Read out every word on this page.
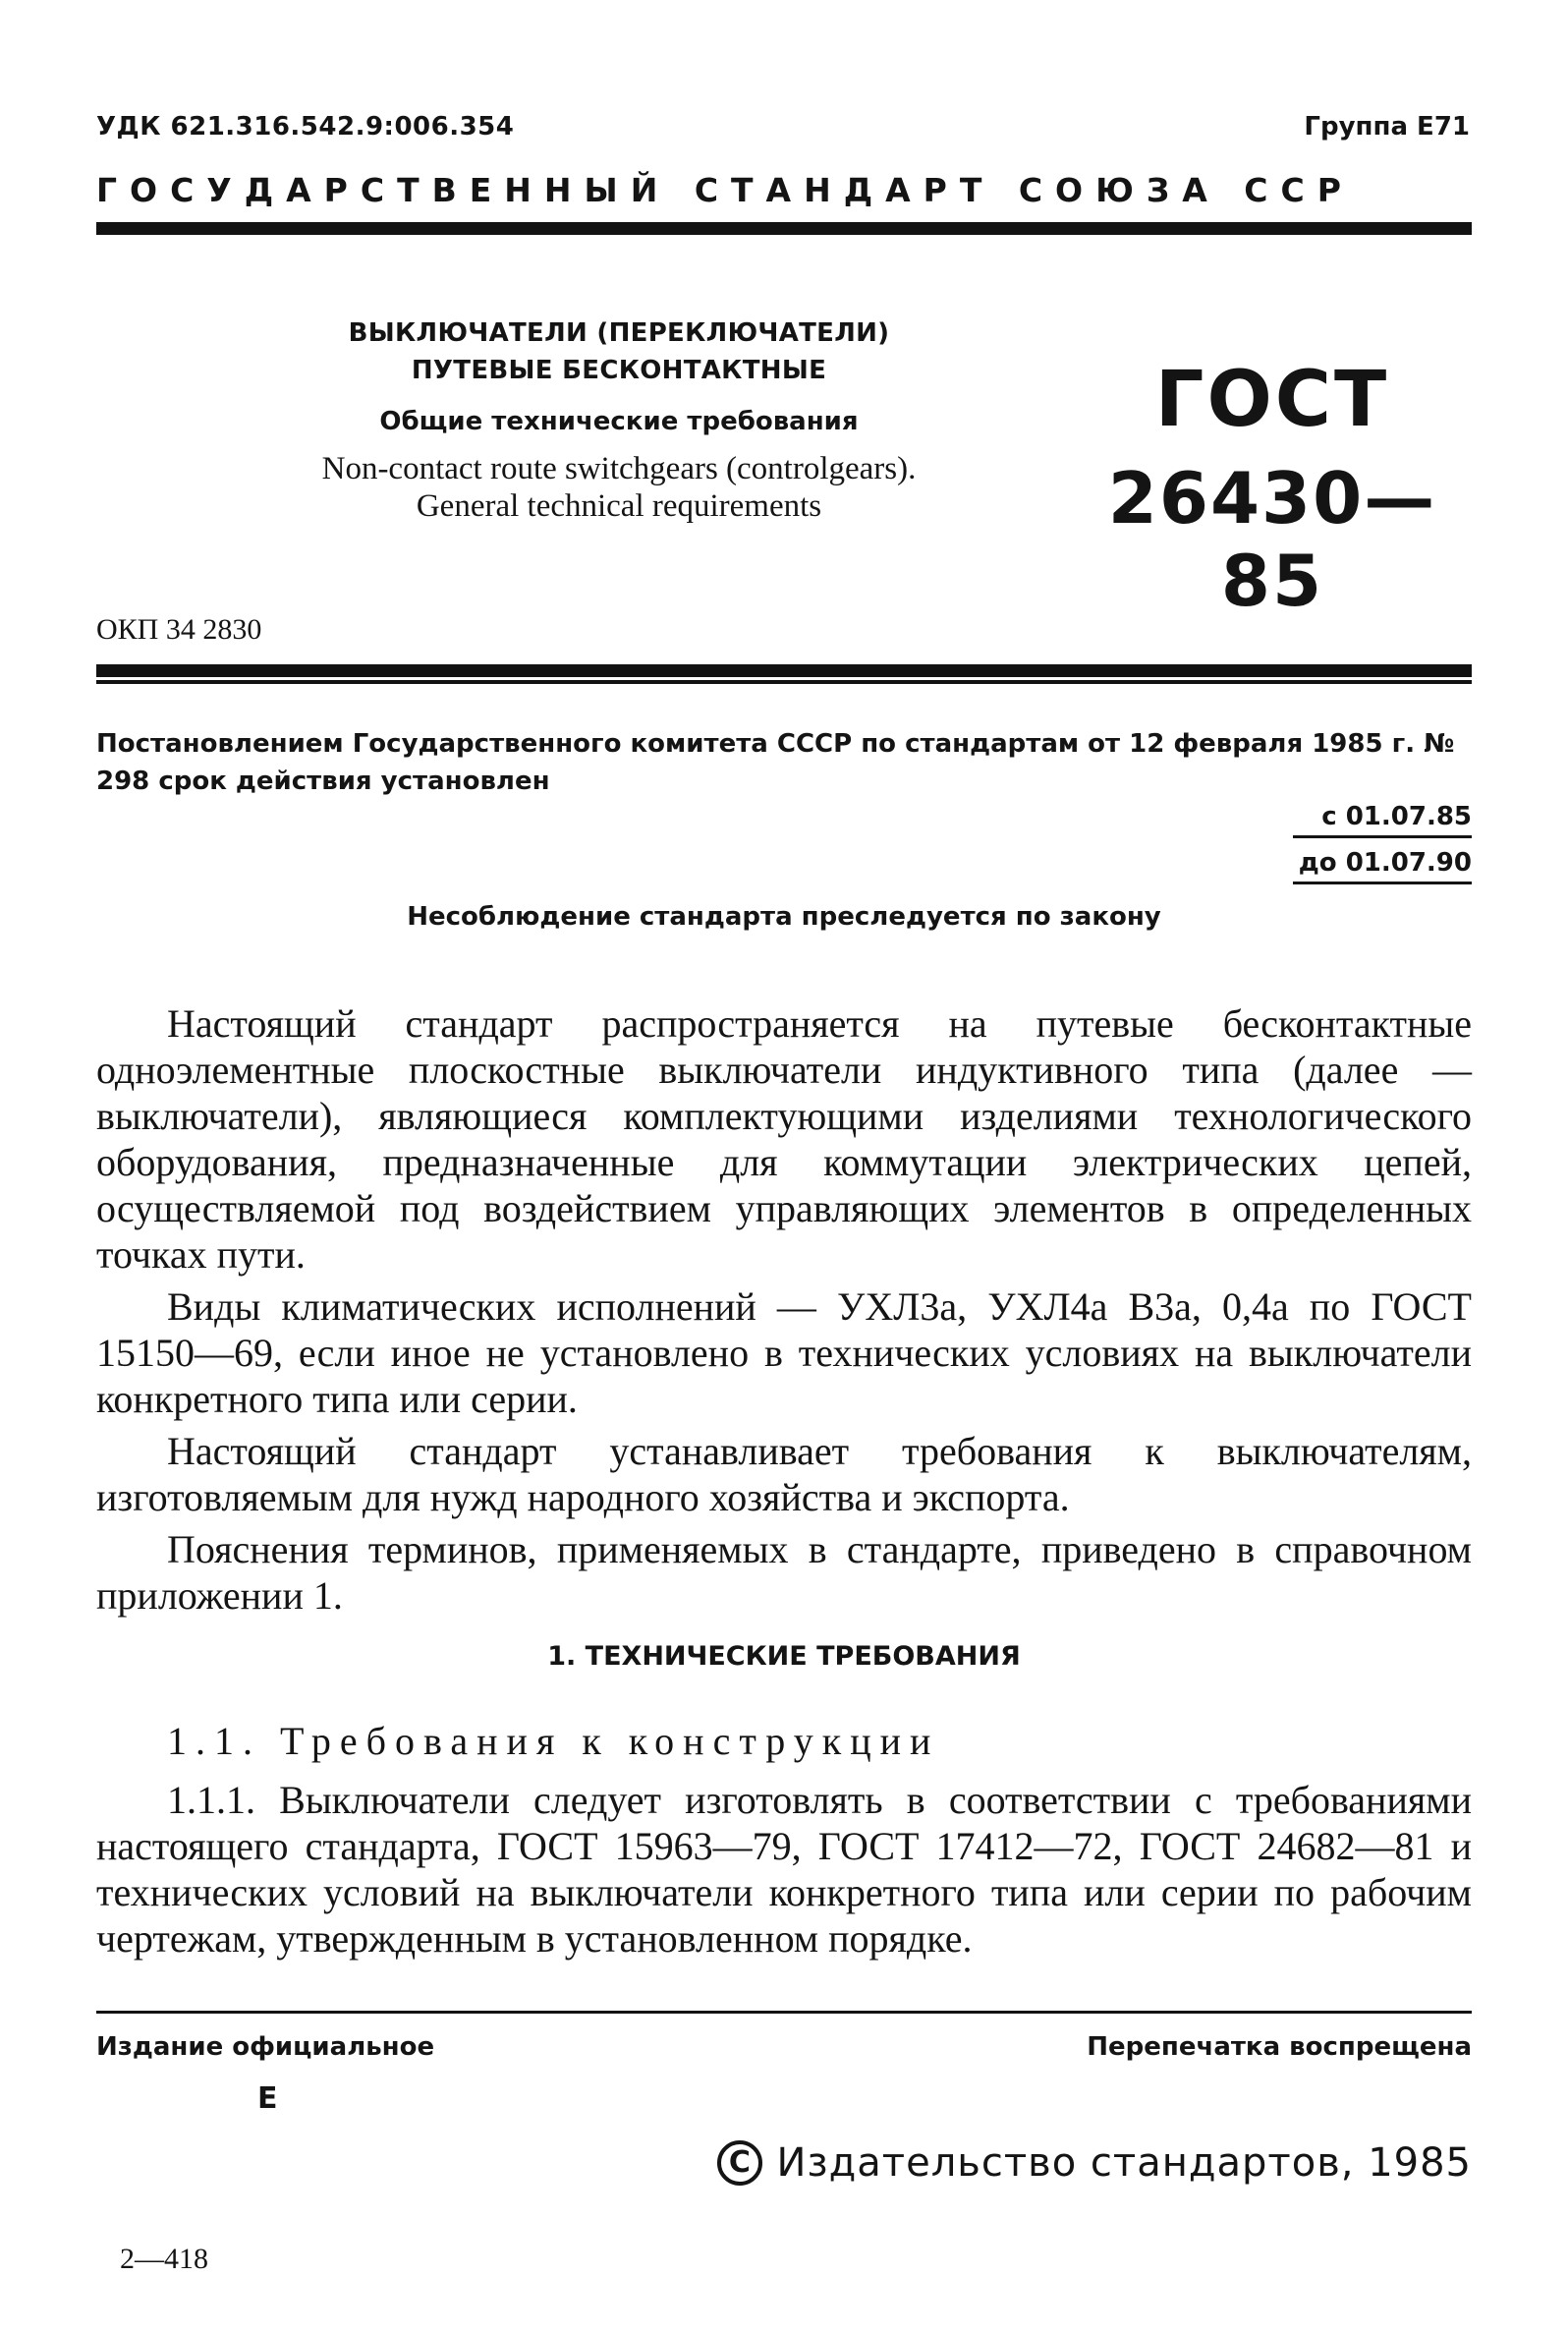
УДК 621.316.542.9:006.354	Группа Е71
ГОСУДАРСТВЕННЫЙ СТАНДАРТ СОЮЗА ССР
ВЫКЛЮЧАТЕЛИ (ПЕРЕКЛЮЧАТЕЛИ)
ПУТЕВЫЕ БЕСКОНТАКТНЫЕ
Общие технические требования
Non-contact route switchgears (controlgears).
General technical requirements
ГОСТ
26430—85
ОКП 34 2830
Постановлением Государственного комитета СССР по стандартам от 12 февраля 1985 г. № 298 срок действия установлен
с 01.07.85
до 01.07.90
Несоблюдение стандарта преследуется по закону

Настоящий стандарт распространяется на путевые бесконтактные одноэлементные плоскостные выключатели индуктивного типа (далее — выключатели), являющиеся комплектующими изделиями технологического оборудования, предназначенные для коммутации электрических цепей, осуществляемой под воздействием управляющих элементов в определенных точках пути.

Виды климатических исполнений — УХЛ3а, УХЛ4а В3а, 0,4а по ГОСТ 15150—69, если иное не установлено в технических условиях на выключатели конкретного типа или серии.

Настоящий стандарт устанавливает требования к выключателям, изготовляемым для нужд народного хозяйства и экспорта.

Пояснения терминов, применяемых в стандарте, приведено в справочном приложении 1.

1. ТЕХНИЧЕСКИЕ ТРЕБОВАНИЯ
1.1. Требования к конструкции

1.1.1. Выключатели следует изготовлять в соответствии с требованиями настоящего стандарта, ГОСТ 15963—79, ГОСТ 17412—72, ГОСТ 24682—81 и технических условий на выключатели конкретного типа или серии по рабочим чертежам, утвержденным в установленном порядке.

Издание официальное	Перепечатка воспрещена
Е
C Издательство стандартов, 1985
2—418
